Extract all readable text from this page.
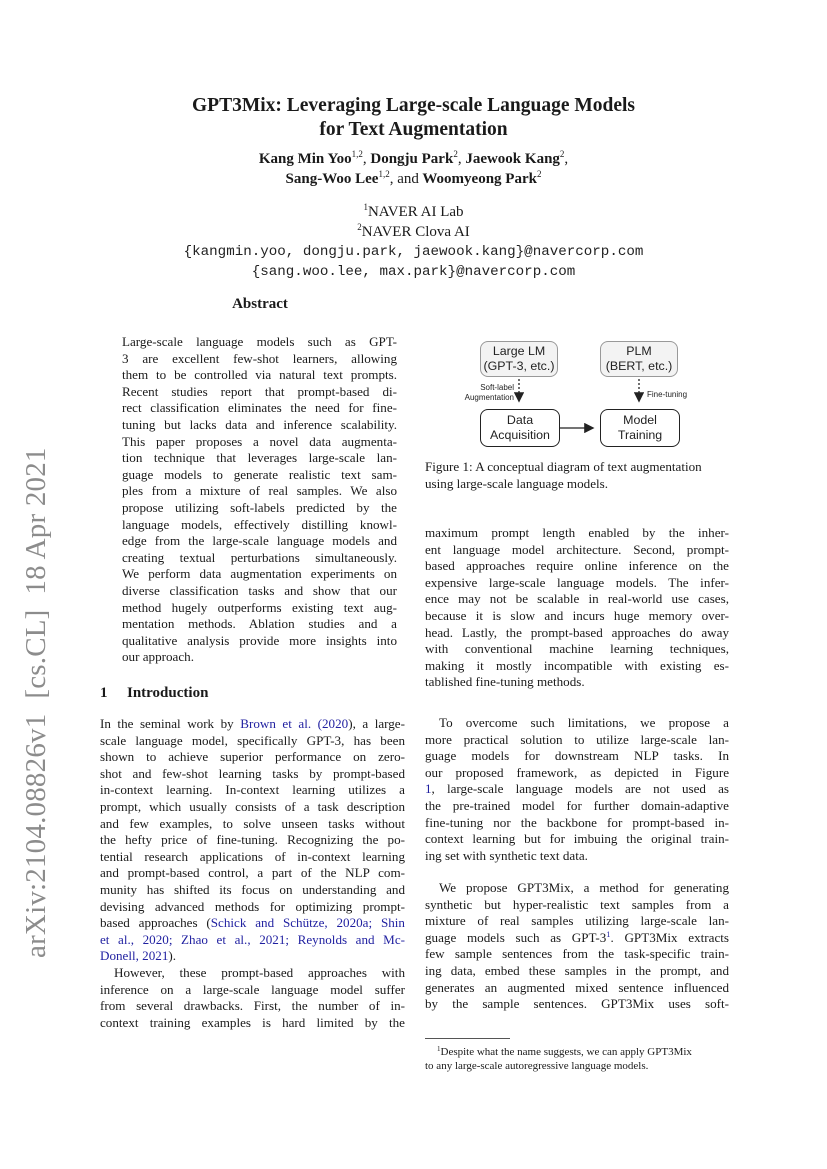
arXiv:2104.08826v1  [cs.CL]  18 Apr 2021
GPT3Mix: Leveraging Large-scale Language Models
for Text Augmentation
Kang Min Yoo$^{1,2}$, Dongju Park$^2$, Jaewook Kang$^2$,
Sang-Woo Lee$^{1,2}$, and Woomyeong Park$^2$
$^1$NAVER AI Lab
$^2$NAVER Clova AI
{kangmin.yoo, dongju.park, jaewook.kang}@navercorp.com
{sang.woo.lee, max.park}@navercorp.com
Abstract
Large-scale language models such as GPT-
3 are excellent few-shot learners, allowing
them to be controlled via natural text prompts.
Recent studies report that prompt-based di-
rect classification eliminates the need for fine-
tuning but lacks data and inference scalability.
This paper proposes a novel data augmenta-
tion technique that leverages large-scale lan-
guage models to generate realistic text sam-
ples from a mixture of real samples. We also
propose utilizing soft-labels predicted by the
language models, effectively distilling knowl-
edge from the large-scale language models and
creating textual perturbations simultaneously.
We perform data augmentation experiments on
diverse classification tasks and show that our
method hugely outperforms existing text aug-
mentation methods. Ablation studies and a
qualitative analysis provide more insights into
our approach.
1 Introduction
In the seminal work by Brown et al. (2020), a large-
scale language model, specifically GPT-3, has been
shown to achieve superior performance on zero-
shot and few-shot learning tasks by prompt-based
in-context learning. In-context learning utilizes a
prompt, which usually consists of a task description
and few examples, to solve unseen tasks without
the hefty price of fine-tuning. Recognizing the po-
tential research applications of in-context learning
and prompt-based control, a part of the NLP com-
munity has shifted its focus on understanding and
devising advanced methods for optimizing prompt-
based approaches (Schick and Schütze, 2020a; Shin
et al., 2020; Zhao et al., 2021; Reynolds and Mc-
Donell, 2021).
However, these prompt-based approaches with
inference on a large-scale language model suffer
from several drawbacks. First, the number of in-
context training examples is hard limited by the
Large LM
(GPT-3, etc.)
PLM
(BERT, etc.)
Data
Acquisition
Model
Training
Soft-label
Augmentation	Fine-tuning
Figure 1: A conceptual diagram of text augmentation
using large-scale language models.
maximum prompt length enabled by the inher-
ent language model architecture. Second, prompt-
based approaches require online inference on the
expensive large-scale language models. The infer-
ence may not be scalable in real-world use cases,
because it is slow and incurs huge memory over-
head. Lastly, the prompt-based approaches do away
with conventional machine learning techniques,
making it mostly incompatible with existing es-
tablished fine-tuning methods.
To overcome such limitations, we propose a
more practical solution to utilize large-scale lan-
guage models for downstream NLP tasks. In
our proposed framework, as depicted in Figure
1, large-scale language models are not used as
the pre-trained model for further domain-adaptive
fine-tuning nor the backbone for prompt-based in-
context learning but for imbuing the original train-
ing set with synthetic text data.
We propose GPT3Mix, a method for generating
synthetic but hyper-realistic text samples from a
mixture of real samples utilizing large-scale lan-
guage models such as GPT-3$^1$. GPT3Mix extracts
few sample sentences from the task-specific train-
ing data, embed these samples in the prompt, and
generates an augmented mixed sentence influenced
by the sample sentences. GPT3Mix uses soft-
$^1$Despite what the name suggests, we can apply GPT3Mix
to any large-scale autoregressive language models.
